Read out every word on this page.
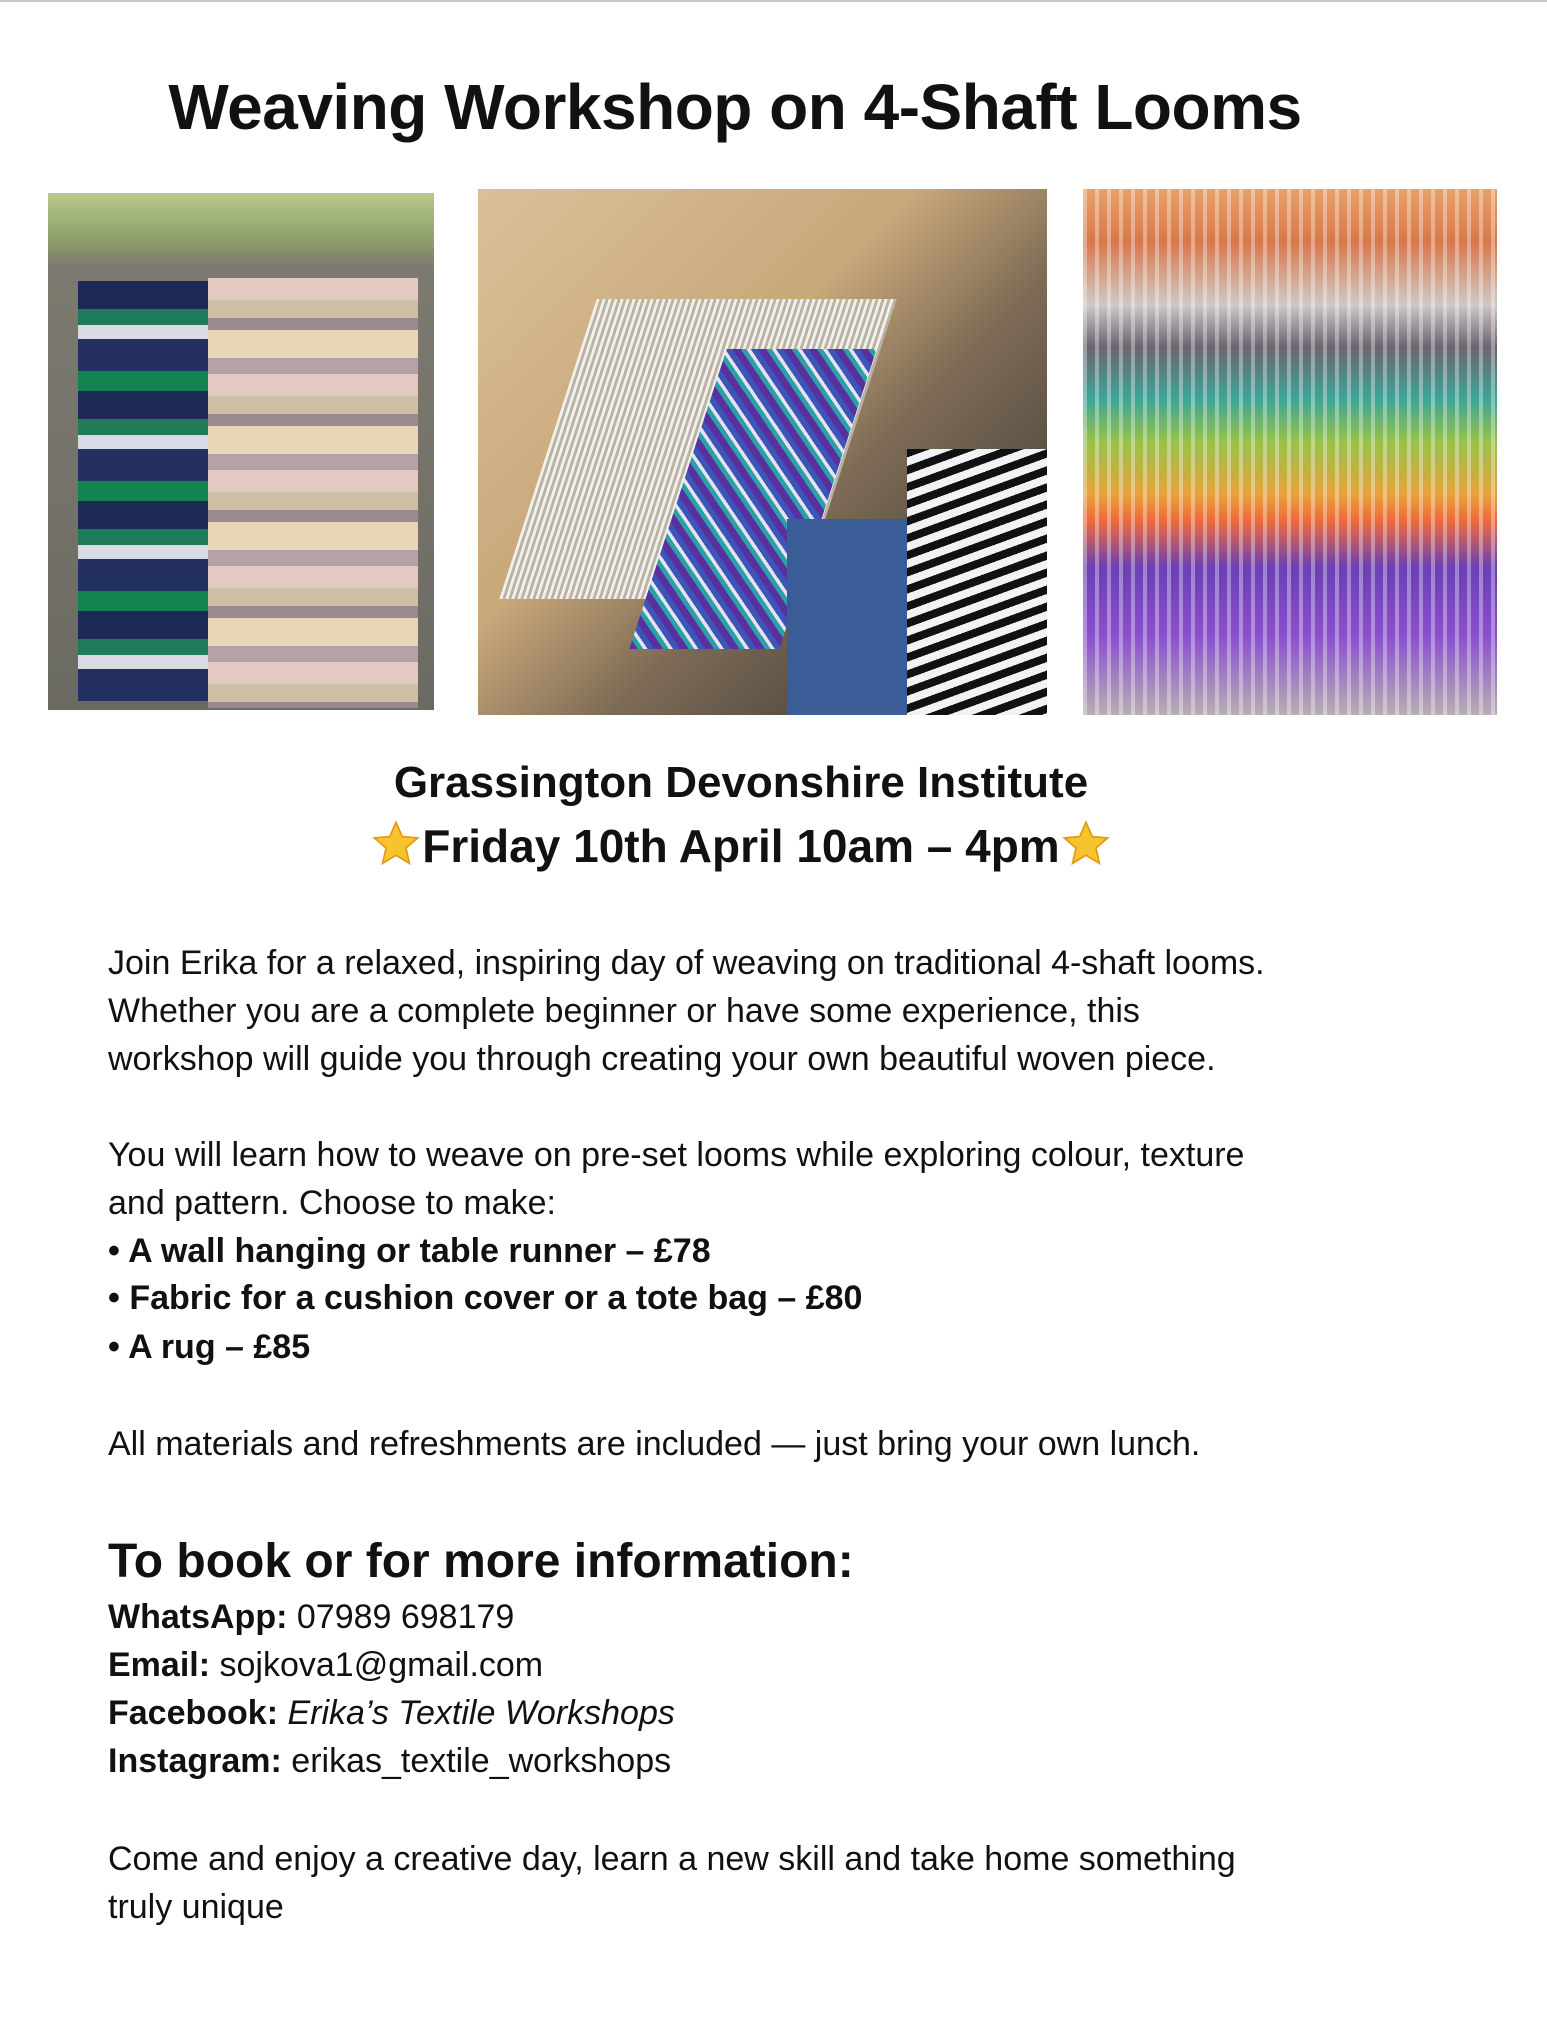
Weaving Workshop on 4-Shaft Looms
Grassington Devonshire Institute
Friday 10th April 10am – 4pm
Join Erika for a relaxed, inspiring day of weaving on traditional 4-shaft looms.
Whether you are a complete beginner or have some experience, this
workshop will guide you through creating your own beautiful woven piece.
You will learn how to weave on pre-set looms while exploring colour, texture
and pattern. Choose to make:
• A wall hanging or table runner – £78
• Fabric for a cushion cover or a tote bag – £80
• A rug – £85
All materials and refreshments are included — just bring your own lunch.
To book or for more information:
WhatsApp: 07989 698179
Email: sojkova1@gmail.com
Facebook: Erika’s Textile Workshops
Instagram: erikas_textile_workshops
Come and enjoy a creative day, learn a new skill and take home something
truly unique
